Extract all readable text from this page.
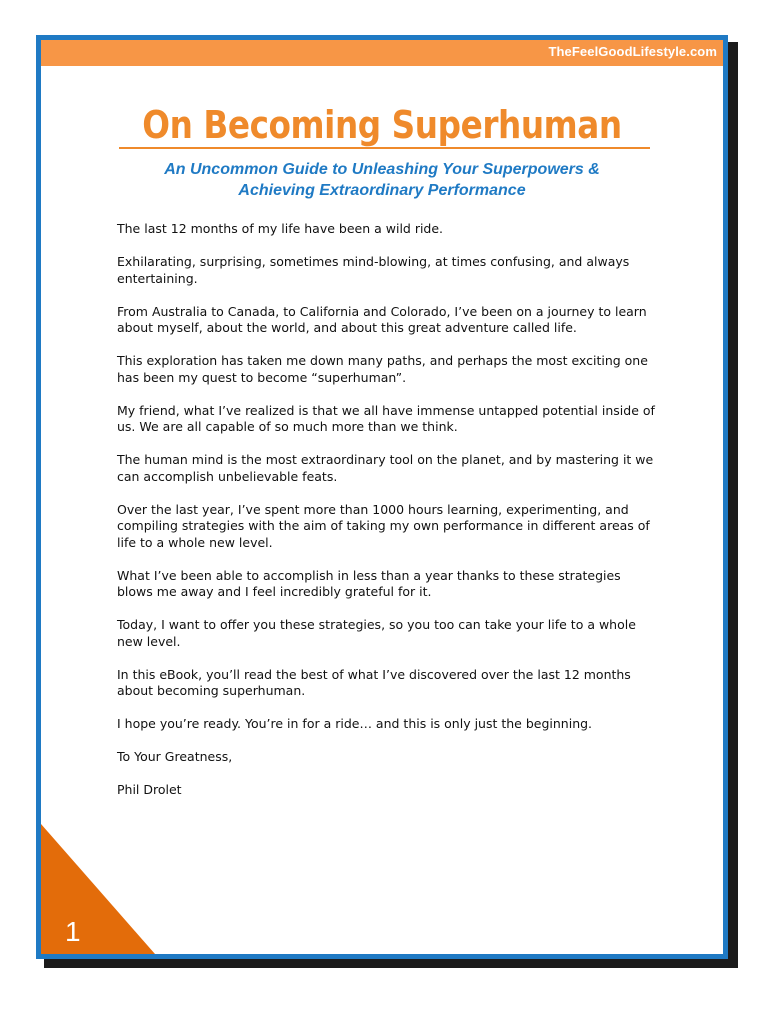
TheFeelGoodLifestyle.com
On Becoming Superhuman
An Uncommon Guide to Unleashing Your Superpowers &
Achieving Extraordinary Performance

The last 12 months of my life have been a wild ride.

Exhilarating, surprising, sometimes mind-blowing, at times confusing, and always entertaining.

From Australia to Canada, to California and Colorado, I’ve been on a journey to learn about myself, about the world, and about this great adventure called life.

This exploration has taken me down many paths, and perhaps the most exciting one has been my quest to become “superhuman”.

My friend, what I’ve realized is that we all have immense untapped potential inside of us. We are all capable of so much more than we think.

The human mind is the most extraordinary tool on the planet, and by mastering it we can accomplish unbelievable feats.

Over the last year, I’ve spent more than 1000 hours learning, experimenting, and compiling strategies with the aim of taking my own performance in different areas of life to a whole new level.

What I’ve been able to accomplish in less than a year thanks to these strategies blows me away and I feel incredibly grateful for it.

Today, I want to offer you these strategies, so you too can take your life to a whole new level.

In this eBook, you’ll read the best of what I’ve discovered over the last 12 months about becoming superhuman.

I hope you’re ready. You’re in for a ride… and this is only just the beginning.

To Your Greatness,

Phil Drolet

1
